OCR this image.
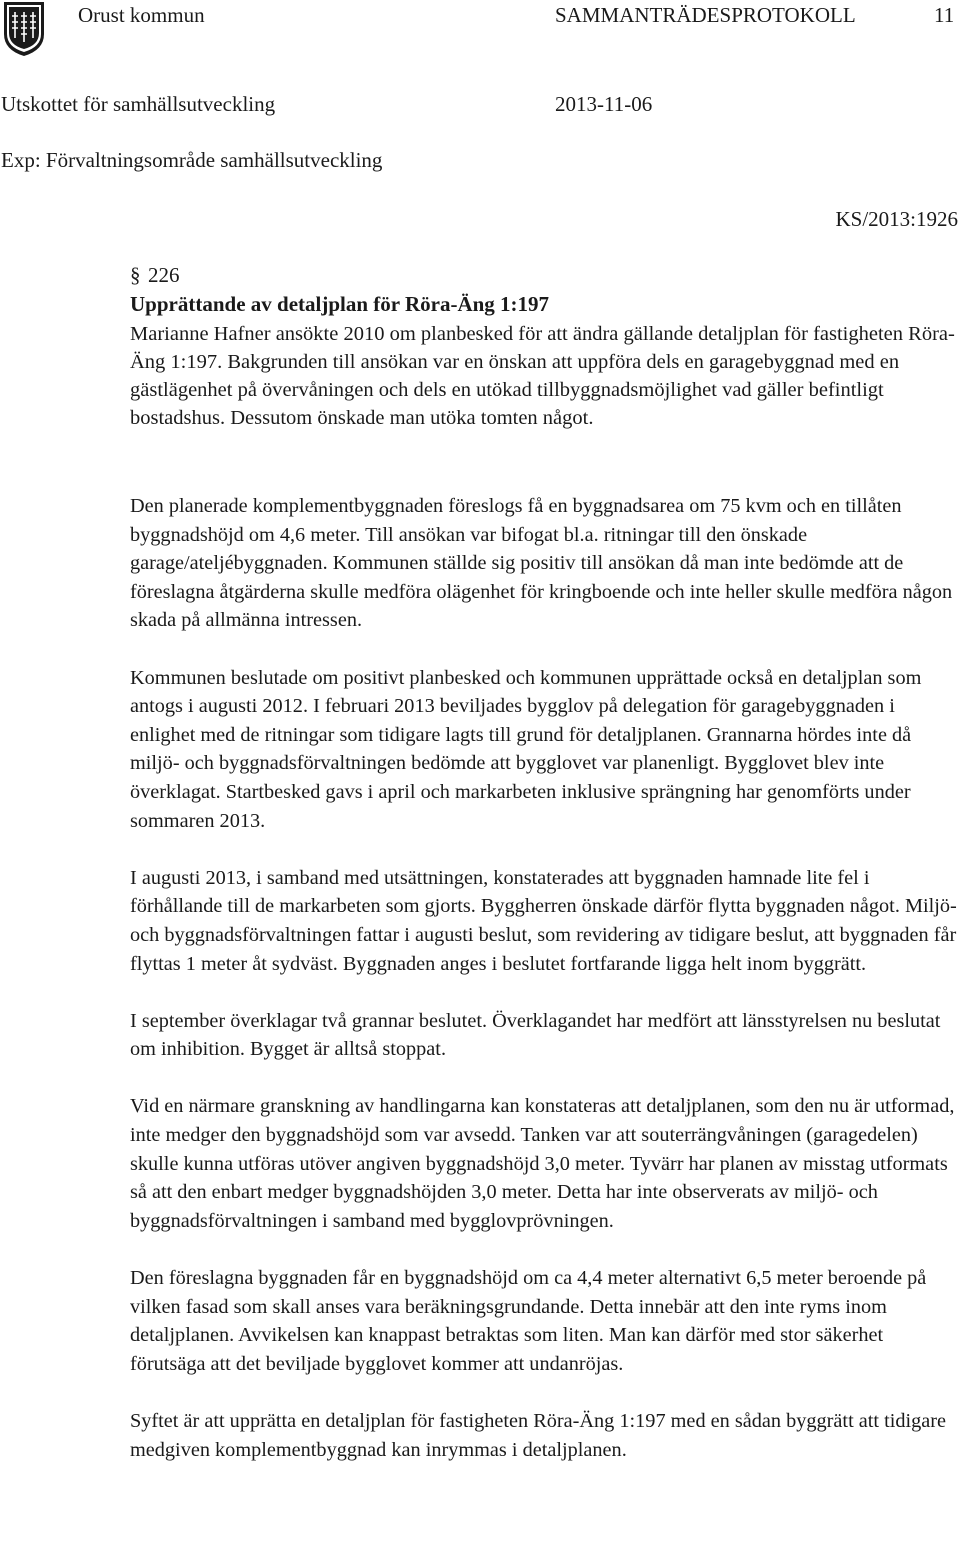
Orust kommun	SAMMANTRÄDESPROTOKOLL	11
Utskottet för samhällsutveckling	2013-11-06
Exp: Förvaltningsområde samhällsutveckling
KS/2013:1926
§ 226
Upprättande av detaljplan för Röra-Äng 1:197

Marianne Hafner ansökte 2010 om planbesked för att ändra gällande detaljplan för fastigheten Röra-Äng 1:197. Bakgrunden till ansökan var en önskan att uppföra dels en garagebyggnad med en gästlägenhet på övervåningen och dels en utökad tillbyggnadsmöjlighet vad gäller befintligt bostadshus. Dessutom önskade man utöka tomten något.

Den planerade komplementbyggnaden föreslogs få en byggnadsarea om 75 kvm och en tillåten byggnadshöjd om 4,6 meter. Till ansökan var bifogat bl.a. ritningar till den önskade garage/ateljébyggnaden. Kommunen ställde sig positiv till ansökan då man inte bedömde att de föreslagna åtgärderna skulle medföra olägenhet för kringboende och inte heller skulle medföra någon skada på allmänna intressen.

Kommunen beslutade om positivt planbesked och kommunen upprättade också en detaljplan som antogs i augusti 2012. I februari 2013 beviljades bygglov på delegation för garagebyggnaden i enlighet med de ritningar som tidigare lagts till grund för detaljplanen. Grannarna hördes inte då miljö- och byggnadsförvaltningen bedömde att bygglovet var planenligt. Bygglovet blev inte överklagat. Startbesked gavs i april och markarbeten inklusive sprängning har genomförts under sommaren 2013.

I augusti 2013, i samband med utsättningen, konstaterades att byggnaden hamnade lite fel i förhållande till de markarbeten som gjorts. Byggherren önskade därför flytta byggnaden något. Miljö- och byggnadsförvaltningen fattar i augusti beslut, som revidering av tidigare beslut, att byggnaden får flyttas 1 meter åt sydväst. Byggnaden anges i beslutet fortfarande ligga helt inom byggrätt.

I september överklagar två grannar beslutet. Överklagandet har medfört att länsstyrelsen nu beslutat om inhibition. Bygget är alltså stoppat.

Vid en närmare granskning av handlingarna kan konstateras att detaljplanen, som den nu är utformad, inte medger den byggnadshöjd som var avsedd. Tanken var att souterrängvåningen (garagedelen) skulle kunna utföras utöver angiven byggnadshöjd 3,0 meter. Tyvärr har planen av misstag utformats så att den enbart medger byggnadshöjden 3,0 meter. Detta har inte observerats av miljö- och byggnadsförvaltningen i samband med bygglovprövningen.

Den föreslagna byggnaden får en byggnadshöjd om ca 4,4 meter alternativt 6,5 meter beroende på vilken fasad som skall anses vara beräkningsgrundande. Detta innebär att den inte ryms inom detaljplanen. Avvikelsen kan knappast betraktas som liten. Man kan därför med stor säkerhet förutsäga att det beviljade bygglovet kommer att undanröjas.

Syftet är att upprätta en detaljplan för fastigheten Röra-Äng 1:197 med en sådan byggrätt att tidigare medgiven komplementbyggnad kan inrymmas i detaljplanen.
